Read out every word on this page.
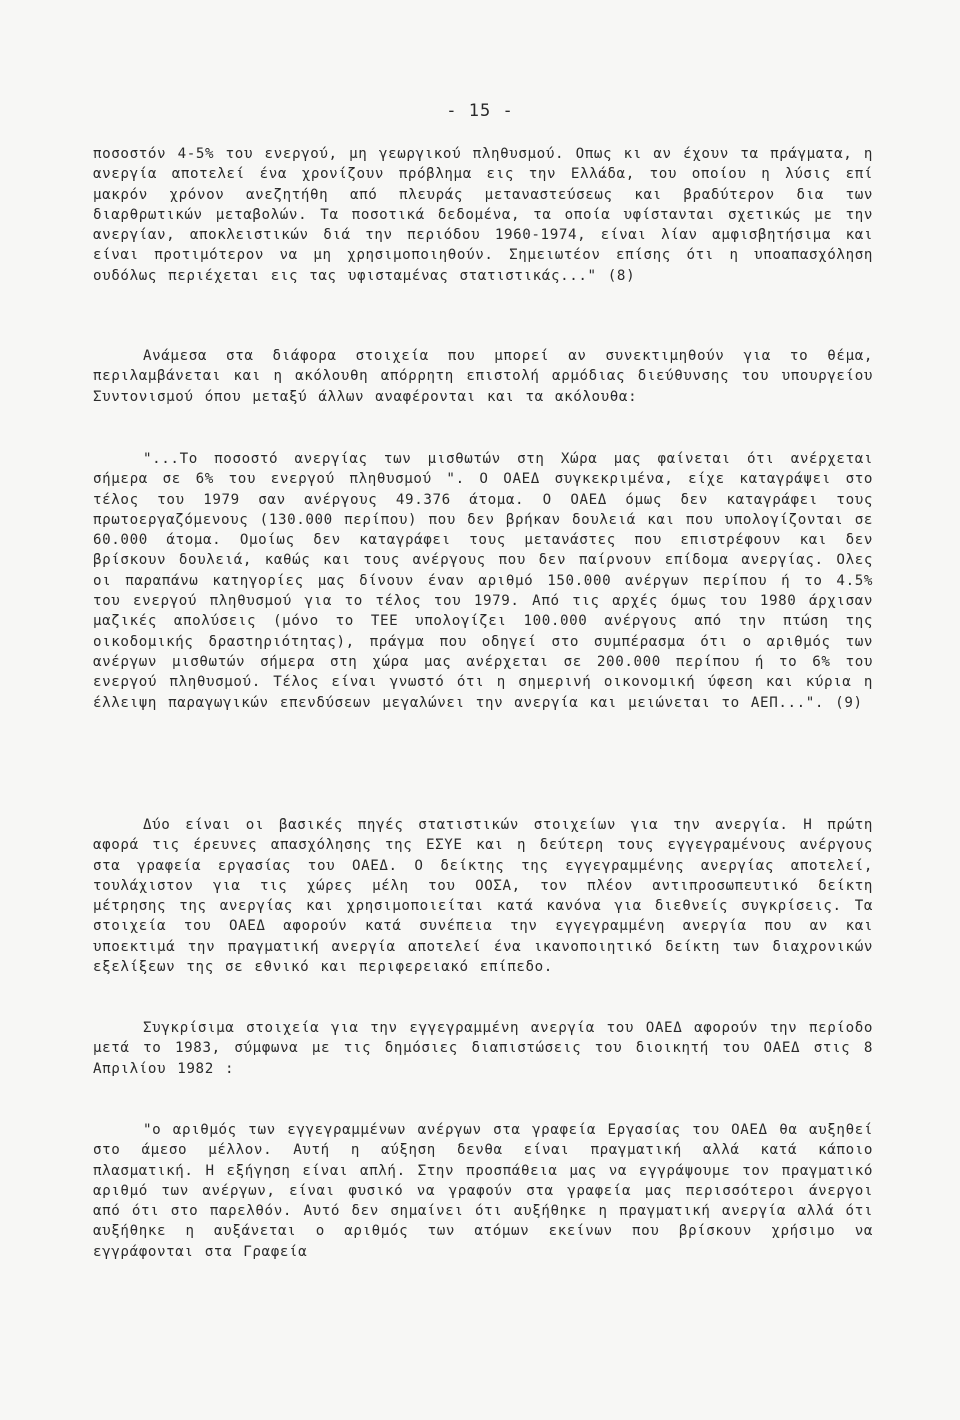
- 15 -

ποσοστόν 4-5% του ενεργού, μη γεωργικού πληθυσμού. Οπως κι αν έχουν τα πράγματα, η ανεργία αποτελεί ένα χρονίζουν πρόβλημα εις την Ελλάδα, του οποίου η λύσις επί μακρόν χρόνον ανεζητήθη από πλευράς μεταναστεύσεως και βραδύτερον δια των διαρθρωτικών μεταβολών. Τα ποσοτικά δεδομένα, τα οποία υφίστανται σχετικώς με την ανεργίαν, αποκλειστικών διά την περιόδου 1960-1974, είναι λίαν αμφισβητήσιμα και είναι προτιμότερον να μη χρησιμοποιηθούν. Σημειωτέον επίσης ότι η υποαπασχόληση ουδόλως περιέχεται εις τας υφισταμένας στατιστικάς..." (8)

Ανάμεσα στα διάφορα στοιχεία που μπορεί αν συνεκτιμηθούν για το θέμα, περιλαμβάνεται και η ακόλουθη απόρρητη επιστολή αρμόδιας διεύθυνσης του υπουργείου Συντονισμού όπου μεταξύ άλλων αναφέρονται και τα ακόλουθα:

"...Το ποσοστό ανεργίας των μισθωτών στη Χώρα μας φαίνεται ότι ανέρχεται σήμερα σε 6% του ενεργού πληθυσμού ". Ο ΟΑΕΔ συγκεκριμένα, είχε καταγράψει στο τέλος του 1979 σαν ανέργους 49.376 άτομα. Ο ΟΑΕΔ όμως δεν καταγράφει τους πρωτοεργαζόμενους (130.000 περίπου) που δεν βρήκαν δουλειά και που υπολογίζονται σε 60.000 άτομα. Ομοίως δεν καταγράφει τους μετανάστες που επιστρέφουν και δεν βρίσκουν δουλειά, καθώς και τους ανέργους που δεν παίρνουν επίδομα ανεργίας. Ολες οι παραπάνω κατηγορίες μας δίνουν έναν αριθμό 150.000 ανέργων περίπου ή το 4.5% του ενεργού πληθυσμού για το τέλος του 1979. Από τις αρχές όμως του 1980 άρχισαν μαζικές απολύσεις (μόνο το ΤΕΕ υπολογίζει 100.000 ανέργους από την πτώση της οικοδομικής δραστηριότητας), πράγμα που οδηγεί στο συμπέρασμα ότι ο αριθμός των ανέργων μισθωτών σήμερα στη χώρα μας ανέρχεται σε 200.000 περίπου ή το 6% του ενεργού πληθυσμού. Τέλος είναι γνωστό ότι η σημερινή οικονομική ύφεση και κύρια η έλλειψη παραγωγικών επενδύσεων μεγαλώνει την ανεργία και μειώνεται το ΑΕΠ...". (9)

Δύο είναι οι βασικές πηγές στατιστικών στοιχείων για την ανεργία. Η πρώτη αφορά τις έρευνες απασχόλησης της ΕΣΥΕ και η δεύτερη τους εγγεγραμένους ανέργους στα γραφεία εργασίας του ΟΑΕΔ. Ο δείκτης της εγγεγραμμένης ανεργίας αποτελεί, τουλάχιστον για τις χώρες μέλη του ΟΟΣΑ, τον πλέον αντιπροσωπευτικό δείκτη μέτρησης της ανεργίας και χρησιμοποιείται κατά κανόνα για διεθνείς συγκρίσεις. Τα στοιχεία του ΟΑΕΔ αφορούν κατά συνέπεια την εγγεγραμμένη ανεργία που αν και υποεκτιμά την πραγματική ανεργία αποτελεί ένα ικανοποιητικό δείκτη των διαχρονικών εξελίξεων της σε εθνικό και περιφερειακό επίπεδο.

Συγκρίσιμα στοιχεία για την εγγεγραμμένη ανεργία του ΟΑΕΔ αφορούν την περίοδο μετά το 1983, σύμφωνα με τις δημόσιες διαπιστώσεις του διοικητή του ΟΑΕΔ στις 8 Απριλίου 1982 :

"ο αριθμός των εγγεγραμμένων ανέργων στα γραφεία Εργασίας του ΟΑΕΔ θα αυξηθεί στο άμεσο μέλλον. Αυτή η αύξηση δενθα είναι πραγματική αλλά κατά κάποιο πλασματική. Η εξήγηση είναι απλή. Στην προσπάθεια μας να εγγράψουμε τον πραγματικό αριθμό των ανέργων, είναι φυσικό να γραφούν στα γραφεία μας περισσότεροι άνεργοι από ότι στο παρελθόν. Αυτό δεν σημαίνει ότι αυξήθηκε η πραγματική ανεργία αλλά ότι αυξήθηκε η αυξάνεται ο αριθμός των ατόμων εκείνων που βρίσκουν χρήσιμο να εγγράφονται στα Γραφεία
